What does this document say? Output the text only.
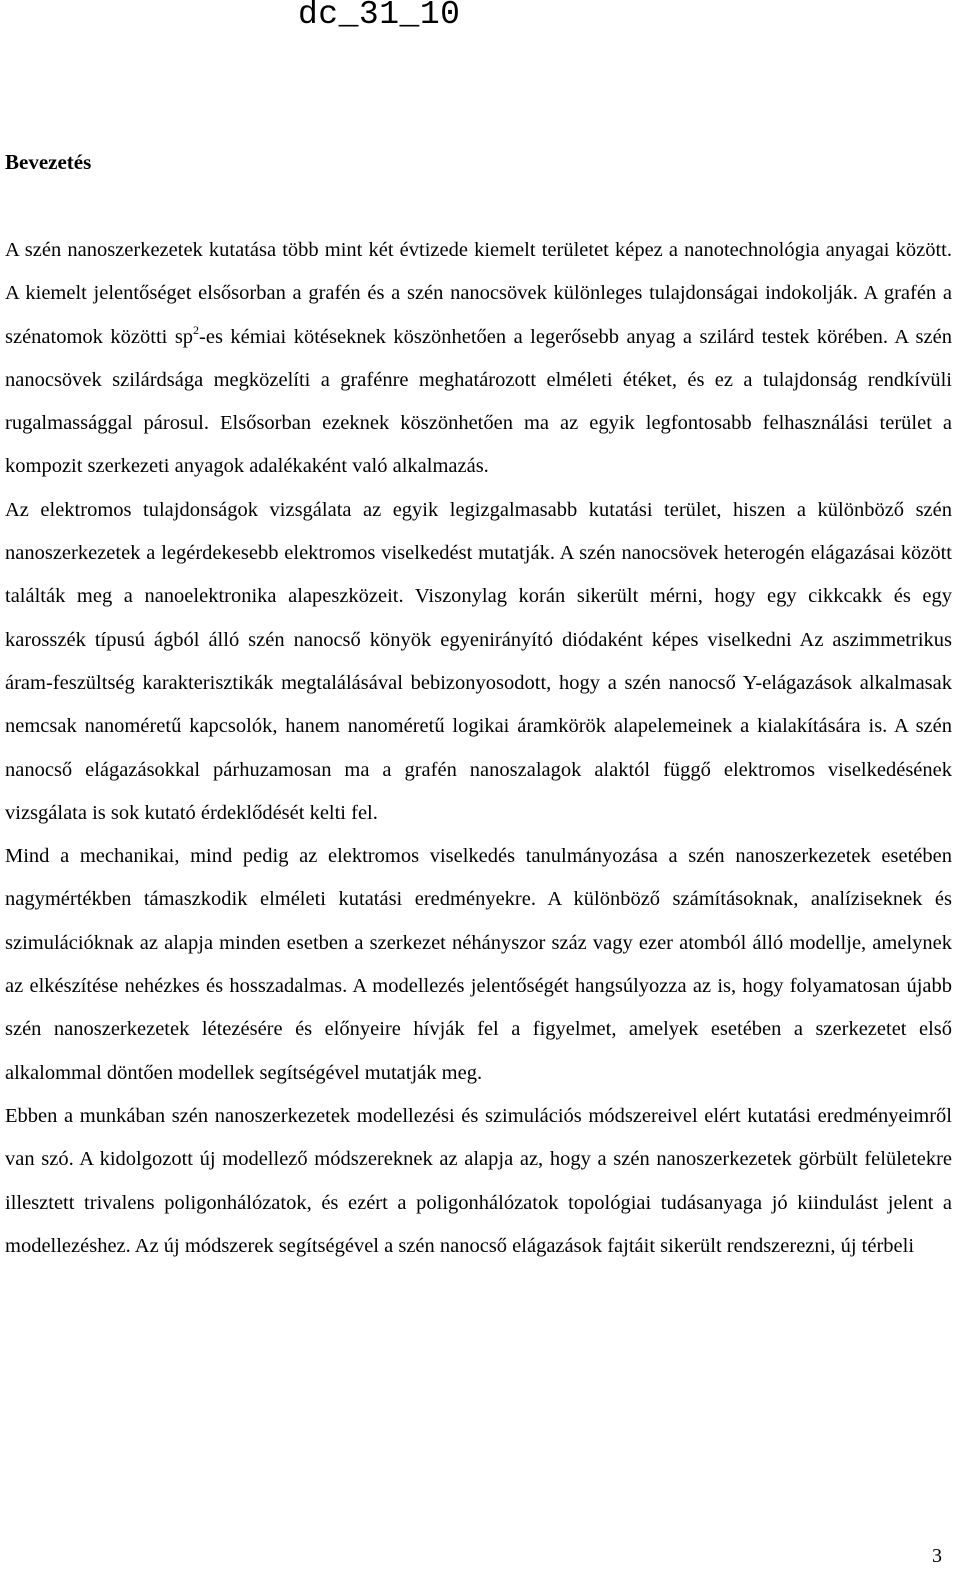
dc_31_10
Bevezetés

A szén nanoszerkezetek kutatása több mint két évtizede kiemelt területet képez a nanotechnológia anyagai között. A kiemelt jelentőséget elsősorban a grafén és a szén nanocsövek különleges tulajdonságai indokolják. A grafén a szénatomok közötti $sp^2-es$ kémiai kötéseknek köszönhetően a legerősebb anyag a szilárd testek körében. A szén nanocsövek szilárdsága megközelíti a grafénre meghatározott elméleti étéket, és ez a tulajdonság rendkívüli rugalmassággal párosul. Elsősorban ezeknek köszönhetően ma az egyik legfontosabb felhasználási terület a kompozit szerkezeti anyagok adalékaként való alkalmazás.

Az elektromos tulajdonságok vizsgálata az egyik legizgalmasabb kutatási terület, hiszen a különböző szén nanoszerkezetek a legérdekesebb elektromos viselkedést mutatják. A szén nanocsövek heterogén elágazásai között találták meg a nanoelektronika alapeszközeit. Viszonylag korán sikerült mérni, hogy egy cikkcakk és egy karosszék típusú ágból álló szén nanocső könyök egyenirányító diódaként képes viselkedni Az aszimmetrikus áram-feszültség karakterisztikák megtalálásával bebizonyosodott, hogy a szén nanocső Y-elágazások alkalmasak nemcsak nanoméretű kapcsolók, hanem nanoméretű logikai áramkörök alapelemeinek a kialakítására is. A szén nanocső elágazásokkal párhuzamosan ma a grafén nanoszalagok alaktól függő elektromos viselkedésének vizsgálata is sok kutató érdeklődését kelti fel.

Mind a mechanikai, mind pedig az elektromos viselkedés tanulmányozása a szén nanoszerkezetek esetében nagymértékben támaszkodik elméleti kutatási eredményekre. A különböző számításoknak, analíziseknek és szimulációknak az alapja minden esetben a szerkezet néhányszor száz vagy ezer atomból álló modellje, amelynek az elkészítése nehézkes és hosszadalmas. A modellezés jelentőségét hangsúlyozza az is, hogy folyamatosan újabb szén nanoszerkezetek létezésére és előnyeire hívják fel a figyelmet, amelyek esetében a szerkezetet első alkalommal döntően modellek segítségével mutatják meg.

Ebben a munkában szén nanoszerkezetek modellezési és szimulációs módszereivel elért kutatási eredményeimről van szó. A kidolgozott új modellező módszereknek az alapja az, hogy a szén nanoszerkezetek görbült felületekre illesztett trivalens poligonhálózatok, és ezért a poligonhálózatok topológiai tudásanyaga jó kiindulást jelent a modellezéshez. Az új módszerek segítségével a szén nanocső elágazások fajtáit sikerült rendszerezni, új térbeli

3
